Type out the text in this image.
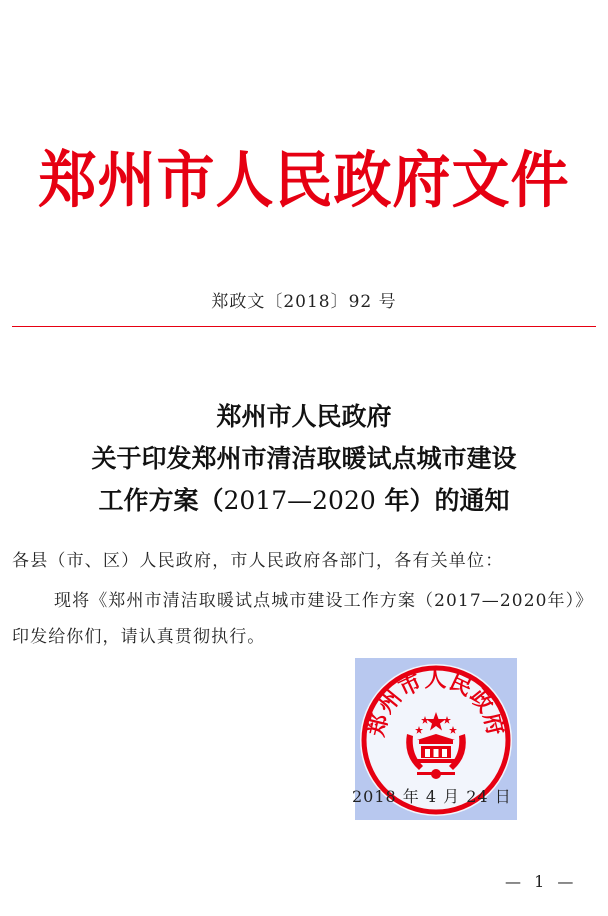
郑州市人民政府文件
郑政文〔2018〕92 号
郑州市人民政府
关于印发郑州市清洁取暖试点城市建设
工作方案（2017—2020 年）的通知
各县（市、区）人民政府，市人民政府各部门，各有关单位：
现将《郑州市清洁取暖试点城市建设工作方案（2017—2020年）》印发给你们，请认真贯彻执行。
郑州市人民政府
2018 年 4 月 24 日
— 1 —
